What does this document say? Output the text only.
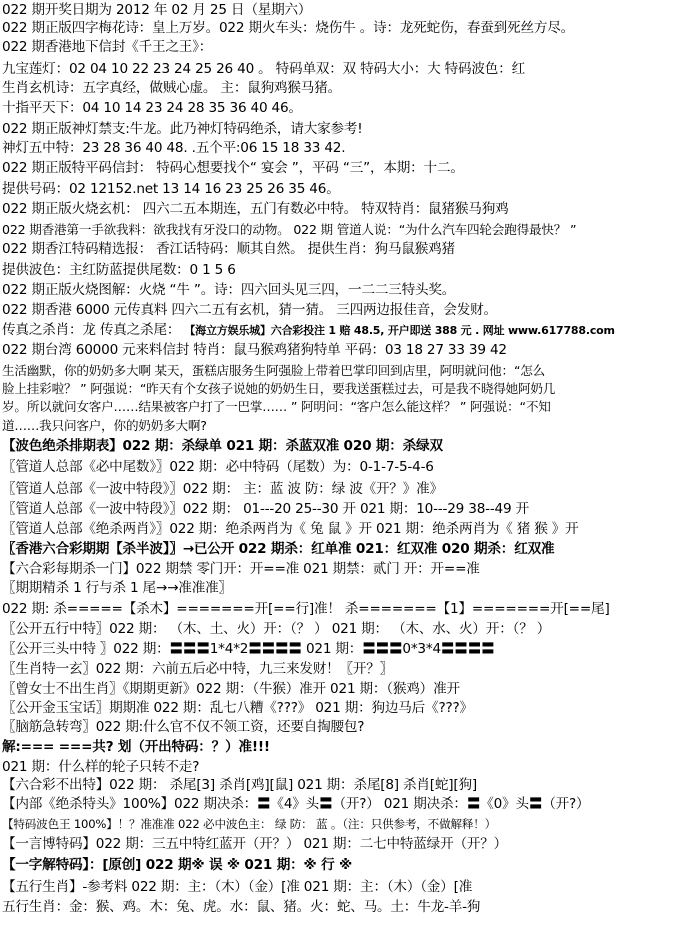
022 期开奖日期为 2012 年 02 月 25 日（星期六）
022 期正版四字梅花诗：皇上万岁。022 期火车头：烧伤牛 。诗：龙死蛇伤，春蚕到死丝方尽。
022 期香港地下信封《千王之王》：
九宝莲灯：02 04 10 22 23 24 25 26 40 。 特码单双：双 特码大小：大 特码波色：红
生肖玄机诗：五字真经，做贼心虚。 主：鼠狗鸡猴马猪。
十指平天下：04 10 14 23 24 28 35 36 40 46。
022 期正版神灯禁支:牛龙。此乃神灯特码绝杀，请大家参考!
神灯五中特：23 28 36 40 48. .五个平:06 15 18 33 42.
022 期正版特平码信封： 特码心想要找个“ 宴会 ”，平码 “三”，本期：十二。
提供号码：02 12152.net 13 14 16 23 25 26 35 46。
022 期正版火烧玄机： 四六二五本期连，五门有数必中特。 特双特肖：鼠猪猴马狗鸡
022 期香港第一手欲我料：欲我找有牙没口的动物。 022 期 管道人说：“为什么汽车四轮会跑得最快？ ”
022 期香江特码精选报： 香江话特码：顺其自然。 提供生肖：狗马鼠猴鸡猪
提供波色：主红防蓝提供尾数：0 1 5 6
022 期正版火烧图解：火烧 “牛 ”。诗：四六回头见三四，一二二三特头奖。
022 期香港 6000 元传真料 四六二五有玄机，猜一猜。 三四两边报佳音，会发财。
传真之杀肖：龙 传真之杀尾： 【海立方娱乐城】六合彩投注 1 赔 48.5, 开户即送 388 元 . 网址 www.617788.com
022 期台湾 60000 元来料信封 特肖：鼠马猴鸡猪狗特单 平码：03 18 27 33 39 42
生活幽默，你的奶奶多大啊 某天，蛋糕店服务生阿强脸上带着巴掌印回到店里，阿明就问他：“怎么
脸上挂彩啦？ ” 阿强说：“昨天有个女孩子说她的奶奶生日，要我送蛋糕过去，可是我不晓得她阿奶几
岁。所以就问女客户……结果被客户打了一巴掌…… ” 阿明问：“客户怎么能这样？ ” 阿强说：“不知
道……我只问客户，你的奶奶多大啊?
【波色绝杀排期表】022 期：杀绿单 021 期：杀蓝双准 020 期：杀绿双
〖管道人总部《必中尾数》〗022 期：必中特码（尾数）为：0-1-7-5-4-6
〖管道人总部《一波中特段》〗022 期： 主：蓝 波 防：绿 波《开？》准》
〖管道人总部《一波中特段》〗022 期： 01---20 25--30 开 021 期：10---29 38--49 开
〖管道人总部《绝杀两肖》〗022 期：绝杀两肖为《 兔 鼠 》开 021 期：绝杀两肖为《 猪 猴 》开
〖香港六合彩期期【杀半波】〗→已公开 022 期杀：红单准 021：红双准 020 期杀：红双准
【六合彩每期杀一门】022 期禁 零门开：开==准 021 期禁：贰门 开：开==准
〖期期精杀 1 行与杀 1 尾→→准准准〗
022 期: 杀=====【杀木】=======开[==行]准！ 杀=======【1】=======开[==尾]
〖公开五行中特〗022 期： （木、土、火）开：（？ ） 021 期： （木、水、火）开：（？ ）
〖公开三头中特 〗022 期：〓〓〓1*4*2〓〓〓〓 021 期：〓〓〓0*3*4〓〓〓〓
〖生肖特一玄〗022 期：六前五后必中特，九三来发财！〖开？〗
〖曾女士不出生肖〗《期期更新》022 期：（牛猴）准开 021 期：（猴鸡）准开
〖公开金玉宝话〗期期准 022 期：乱七八糟《???》 021 期：狗边马后《???》
〖脑筋急转弯〗022 期:什么官不仅不领工资，还要自掏腰包?
解:=== ===共? 划（开出特码：？）准!!!
021 期：什么样的轮子只转不走?
【六合彩不出特】022 期： 杀尾[3] 杀肖[鸡][鼠] 021 期：杀尾[8] 杀肖[蛇][狗]
【内部《绝杀特头》100%】022 期决杀：〓《4》头〓（开?） 021 期决杀：〓《0》头〓（开?）
【特码波色王 100%】！？准准准 022 必中波色主： 绿 防： 蓝 。（注：只供参考，不做解释！）
【一言博特码】022 期：三五中特红蓝开（开？） 021 期：二七中特蓝绿开（开？）
【一字解特码】：[原创] 022 期※ 误 ※ 021 期：※ 行 ※
【五行生肖】-参考料 022 期：主：（木）（金）[准 021 期：主：（木）（金）[准
五行生肖：金：猴、鸡。木：兔、虎。水：鼠、猪。火：蛇、马。土：牛龙-羊-狗
